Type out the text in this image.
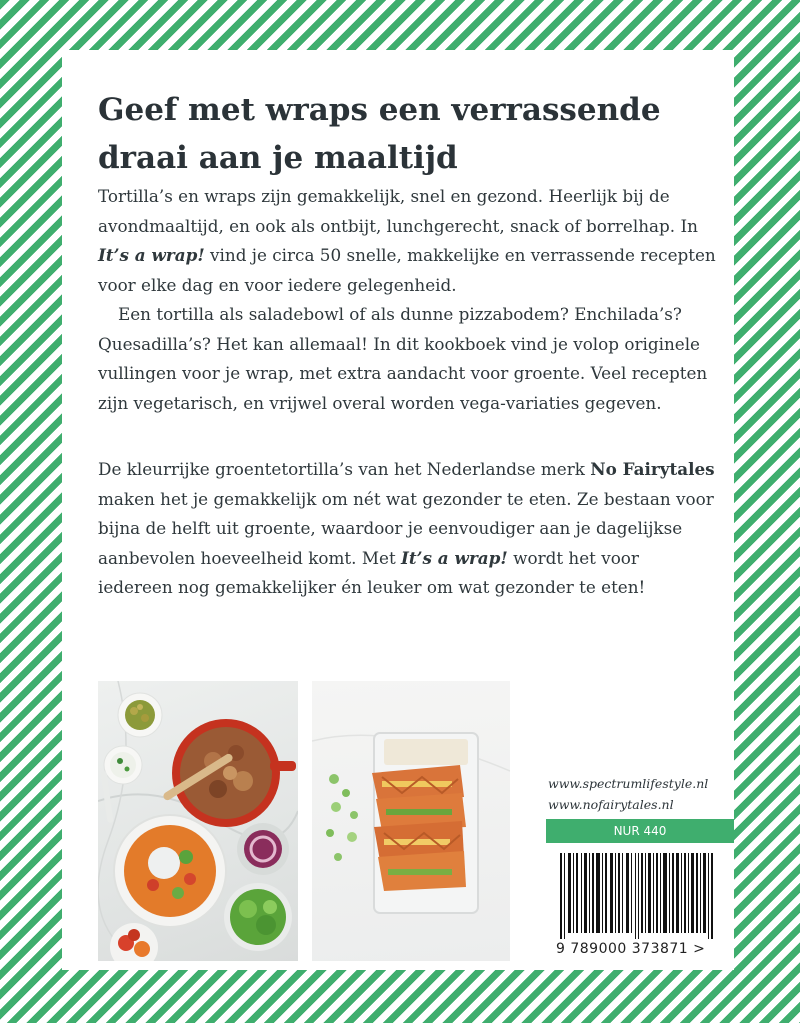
Geef met wraps een verrassende draai aan je maaltijd

Tortilla’s en wraps zijn gemakkelijk, snel en gezond. Heerlijk bij de avondmaaltijd, en ook als ontbijt, lunchgerecht, snack of borrelhap. In It’s a wrap! vind je circa 50 snelle, makkelijke en verrassende recepten voor elke dag en voor iedere gelegenheid.
Een tortilla als saladebowl of als dunne pizzabodem? Enchilada’s? Quesadilla’s? Het kan allemaal! In dit kookboek vind je volop originele vullingen voor je wrap, met extra aandacht voor groente. Veel recepten zijn vegetarisch, en vrijwel overal worden vega-variaties gegeven.

De kleurrijke groentetortilla’s van het Nederlandse merk No Fairytales maken het je gemakkelijk om nét wat gezonder te eten. Ze bestaan voor bijna de helft uit groente, waardoor je eenvoudiger aan je dagelijkse aanbevolen hoeveelheid komt. Met It’s a wrap! wordt het voor iedereen nog gemakkelijker én leuker om wat gezonder te eten!

www.spectrumlifestyle.nl
www.nofairytales.nl
NUR 440
9 789000 373871 >
